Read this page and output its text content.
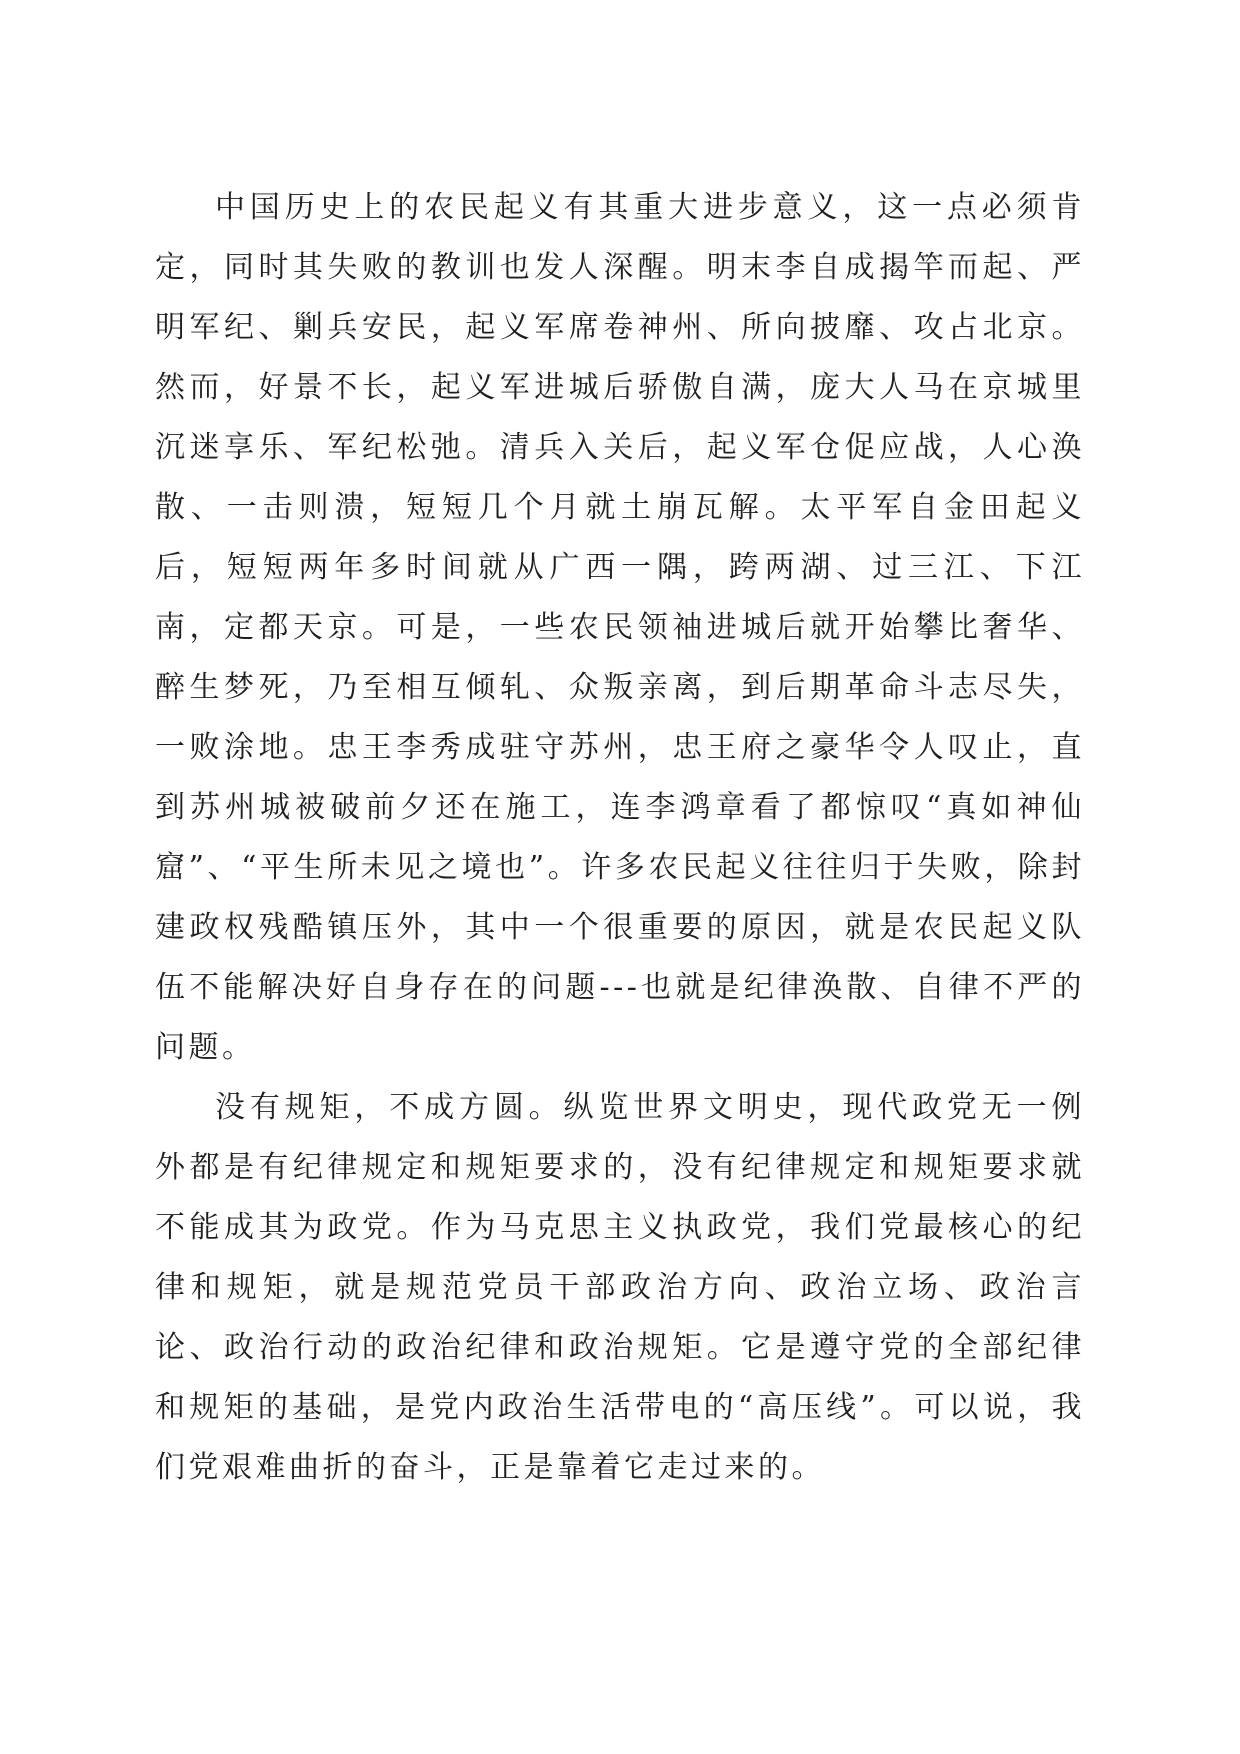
中国历史上的农民起义有其重大进步意义，这一点必须肯定，同时其失败的教训也发人深醒。明末李自成揭竿而起、严明军纪、剿兵安民，起义军席卷神州、所向披靡、攻占北京。然而，好景不长，起义军进城后骄傲自满，庞大人马在京城里沉迷享乐、军纪松弛。清兵入关后，起义军仓促应战，人心涣散、一击则溃，短短几个月就土崩瓦解。太平军自金田起义后，短短两年多时间就从广西一隅，跨两湖、过三江、下江南，定都天京。可是，一些农民领袖进城后就开始攀比奢华、醉生梦死，乃至相互倾轧、众叛亲离，到后期革命斗志尽失，一败涂地。忠王李秀成驻守苏州，忠王府之豪华令人叹止，直到苏州城被破前夕还在施工，连李鸿章看了都惊叹“真如神仙窟”、“平生所未见之境也”。许多农民起义往往归于失败，除封建政权残酷镇压外，其中一个很重要的原因，就是农民起义队伍不能解决好自身存在的问题---也就是纪律涣散、自律不严的问题。

没有规矩，不成方圆。纵览世界文明史，现代政党无一例外都是有纪律规定和规矩要求的，没有纪律规定和规矩要求就不能成其为政党。作为马克思主义执政党，我们党最核心的纪律和规矩，就是规范党员干部政治方向、政治立场、政治言论、政治行动的政治纪律和政治规矩。它是遵守党的全部纪律和规矩的基础，是党内政治生活带电的“高压线”。可以说，我们党艰难曲折的奋斗，正是靠着它走过来的。
